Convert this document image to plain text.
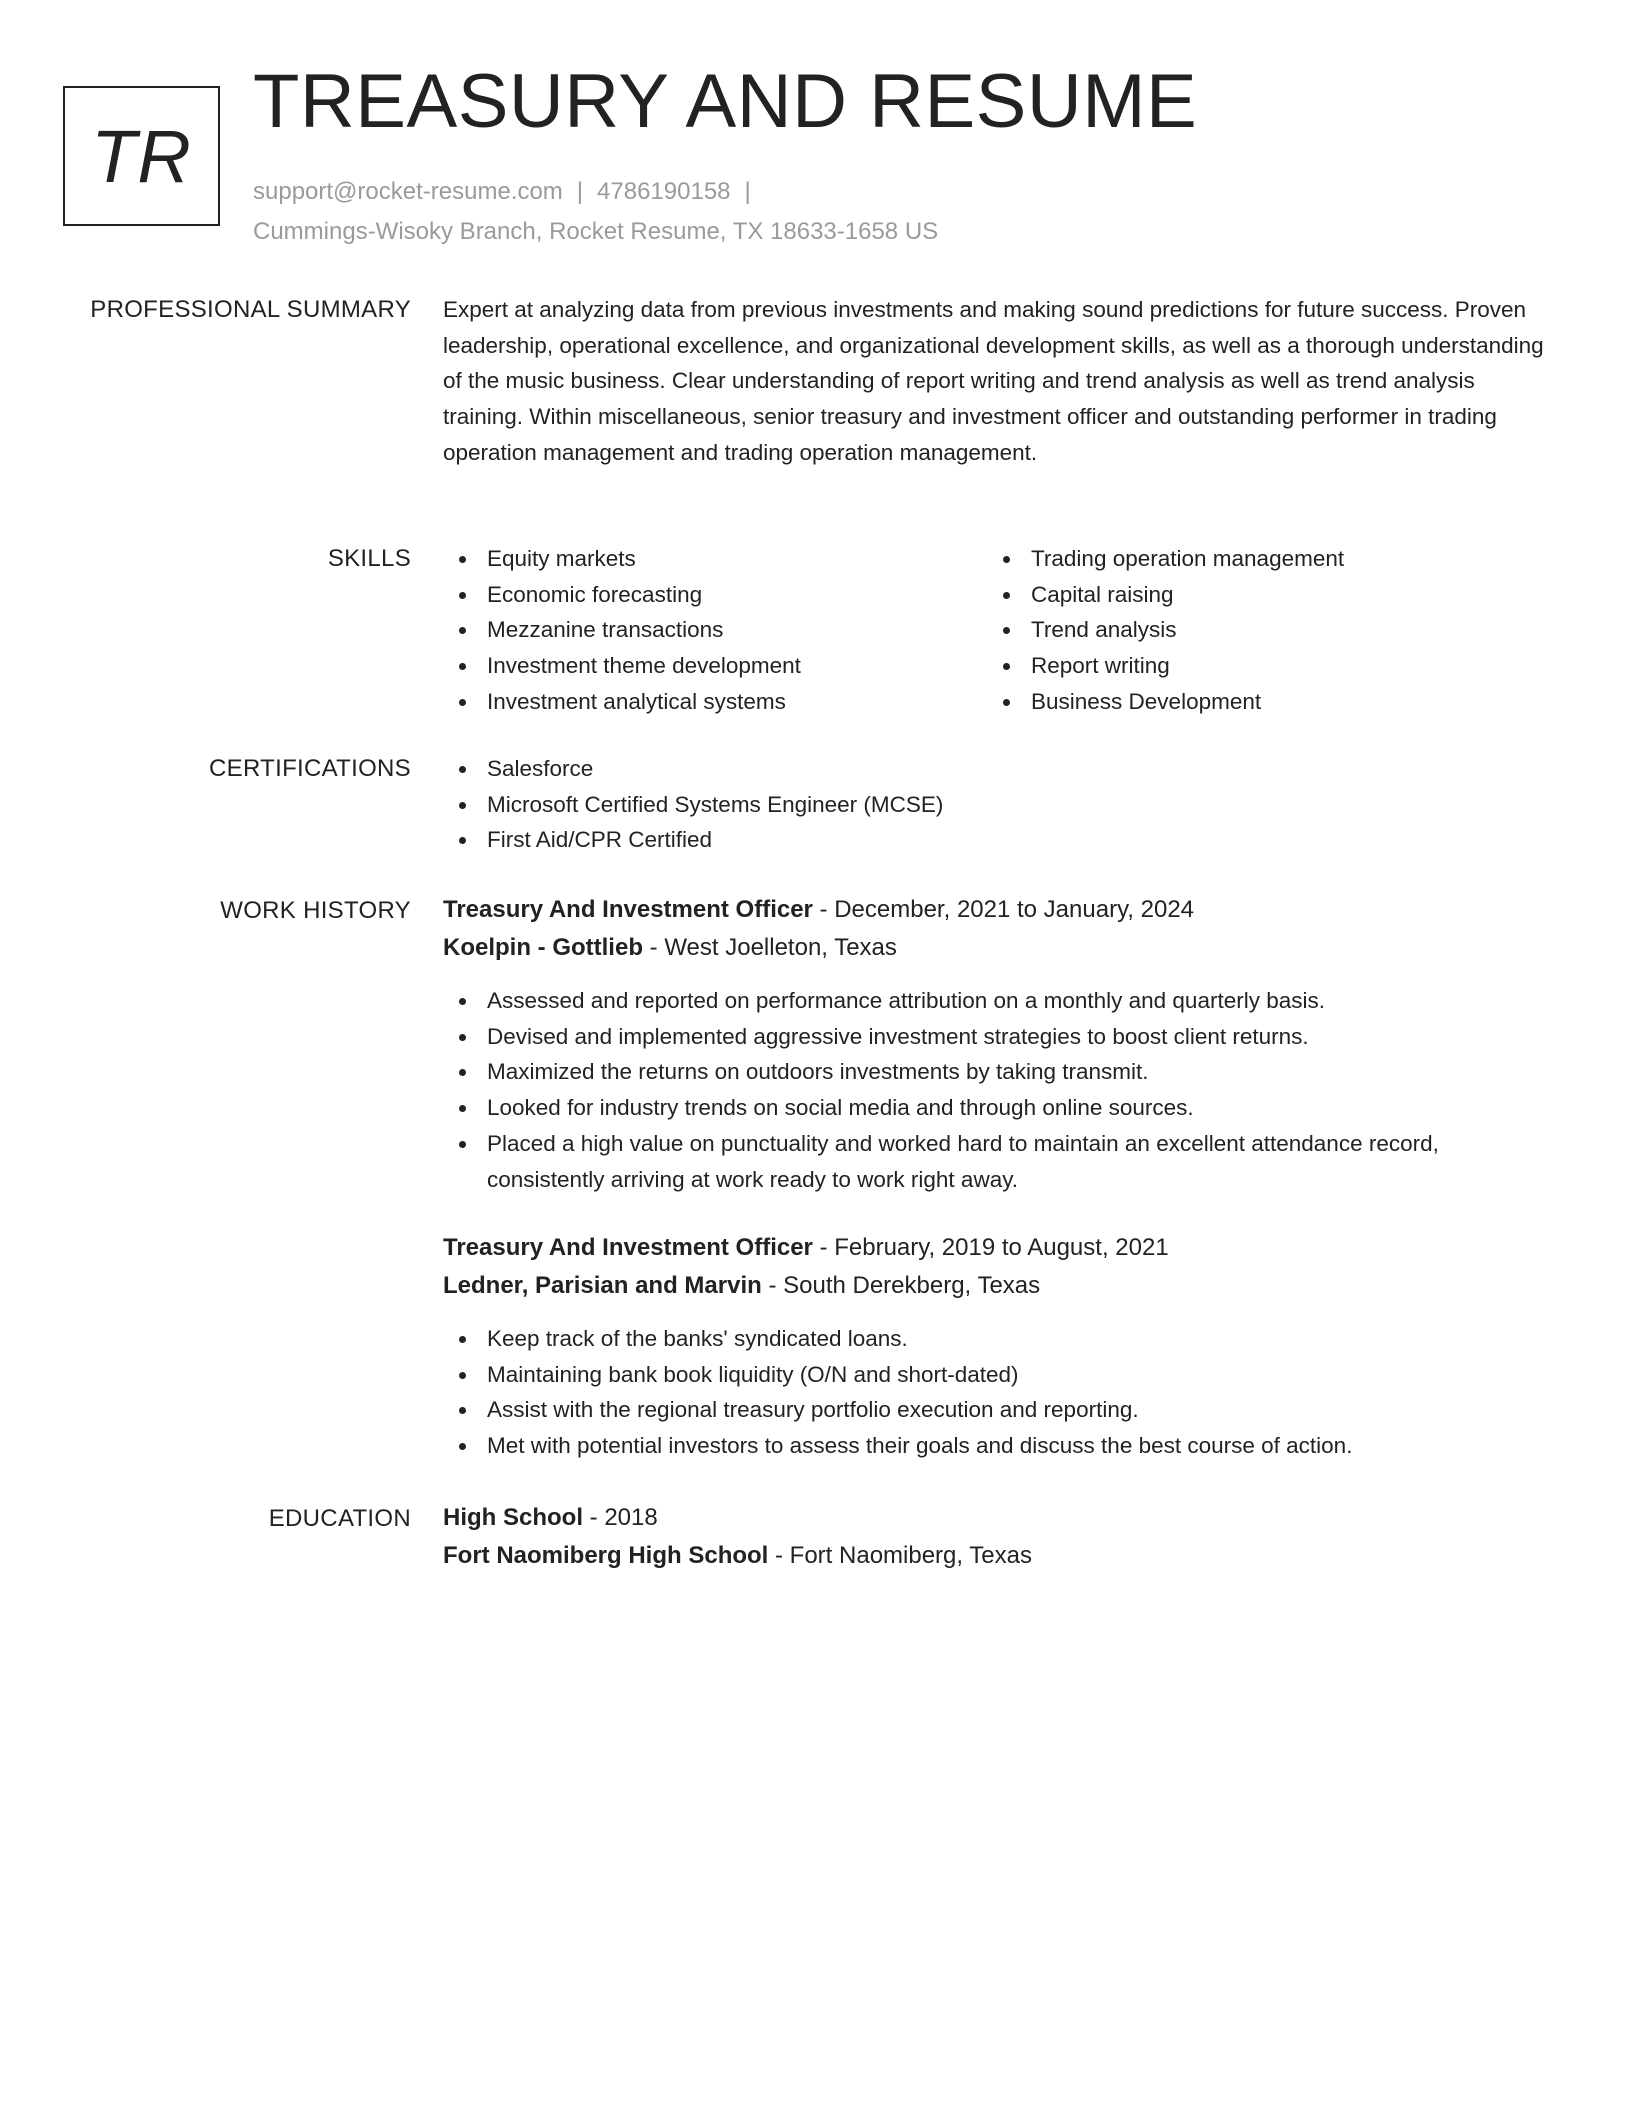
TR
TREASURY AND RESUME
support@rocket-resume.com | 4786190158 |
Cummings-Wisoky Branch, Rocket Resume, TX 18633-1658 US
PROFESSIONAL SUMMARY Expert at analyzing data from previous investments and making sound predictions for future success. Proven leadership, operational excellence, and organizational development skills, as well as a thorough understanding of the music business. Clear understanding of report writing and trend analysis as well as trend analysis training. Within miscellaneous, senior treasury and investment officer and outstanding performer in trading operation management and trading operation management.
SKILLS	Equity markets
Economic forecasting
Mezzanine transactions
Investment theme development
Investment analytical systems
Trading operation management
Capital raising
Trend analysis
Report writing
Business Development
CERTIFICATIONS	Salesforce
Microsoft Certified Systems Engineer (MCSE)
First Aid/CPR Certified
WORK HISTORY Treasury And Investment Officer - December, 2021 to January, 2024
Koelpin - Gottlieb - West Joelleton, Texas
Assessed and reported on performance attribution on a monthly and quarterly basis.
Devised and implemented aggressive investment strategies to boost client returns.
Maximized the returns on outdoors investments by taking transmit.
Looked for industry trends on social media and through online sources.
Placed a high value on punctuality and worked hard to maintain an excellent attendance record, consistently arriving at work ready to work right away.
Treasury And Investment Officer - February, 2019 to August, 2021
Ledner, Parisian and Marvin - South Derekberg, Texas
Keep track of the banks' syndicated loans.
Maintaining bank book liquidity (O/N and short-dated)
Assist with the regional treasury portfolio execution and reporting.
Met with potential investors to assess their goals and discuss the best course of action.
EDUCATION High School - 2018
Fort Naomiberg High School - Fort Naomiberg, Texas
